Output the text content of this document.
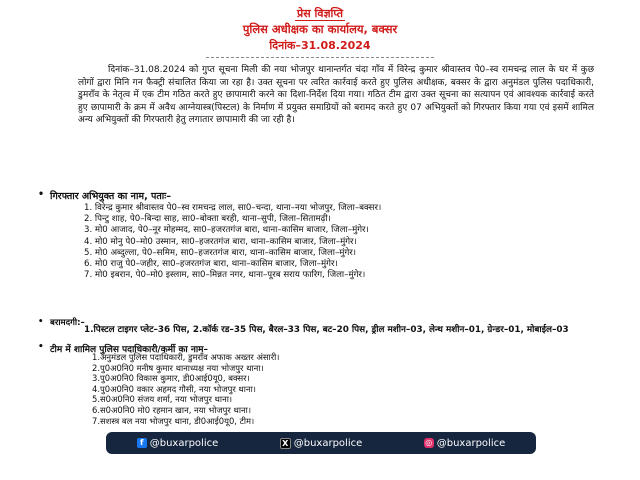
प्रेस विज्ञप्ति
पुलिस अधीक्षक का कार्यालय, बक्सर
दिनांक–31.08.2024
दिनांक–31.08.2024 को गुप्त सूचना मिली की नया भोजपुर थानान्तर्गत चंदा गाँव में विरेन्द्र कुमार श्रीवास्तव पे0–स्व रामचन्द्र लाल के घर में कुछ लोगों द्वारा मिनि गन फैक्ट्री संचालित किया जा रहा है। उक्त सूचना पर त्वरित कार्रवाई करते हुए पुलिस अधीक्षक, बक्सर के द्वारा अनुमंडल पुलिस पदाधिकारी, डुमराँव के नेतृत्व में एक टीम गठित करते हुए छापामारी करने का दिशा-निर्देश दिया गया। गठित टीम द्वारा उक्त सूचना का सत्यापन एवं आवश्यक कार्रवाई करते हुए छापामारी के क्रम में अवैध आग्नेयास्त्र(पिस्टल) के निर्माण में प्रयुक्त समाग्रियों को बरामद करते हुए 07 अभियुक्तों को गिरफ्तार किया गया एवं इसमें शामिल अन्य अभियुक्तों की गिरफ्तारी हेतु लगातार छापामारी की जा रही है।
• गिरफ्तार अभियुक्त का नाम, पताः–
1. विरेन्द्र कुमार श्रीवास्तव पे0–स्व रामचन्द्र लाल, सा0–चन्दा, थाना–नया भोजपुर, जिला–बक्सर।
2. पिन्टु शाह, पे0–बिन्दा साह, सा0–बोक्ता बरही, थाना–सुपी, जिला–सितामढ़ी।
3. मो0 आजाद, पे0–नूर मोहम्मद, सा0–हजरतगंज बारा, थाना–कासिम बाजार, जिला–मुंगेर।
4. मो0 मोनु पे0–मो0 उस्मान, सा0–हजरतगंज बारा, थाना–कासिम बाजार, जिला–मुंगेर।
5. मो0 अब्दुल्ला, पे0–समिम, सा0–हजरतगंज बारा, थाना–कासिम बाजार, जिला–मुंगेर।
6. मो0 राजु पे0–जहीर, सा0–हजरतगंज बारा, थाना–कासिम बाजार, जिला–मुंगेर।
7. मो0 इबरान, पे0–मो0 इस्लाम, सा0–मिन्नत नगर, थाना–पूरब सराय फारिग, जिला–मुंगेर।
• बरामदगी:–
1.पिस्टल टाइगर प्लेट–36 पिस, 2.कॉर्क रड–35 पिस, बैरल–33 पिस, बट–20 पिस, ड्रील मशीन–03, लेन्थ मशीन–01, ग्रेन्डर–01, मोबाईल–03
• टीम में शामिल पुलिस पदाधिकारी/कर्मी का नाम–
1.अनुमंडल पुलिस पदाधिकारी, डुमराँव अफाक अख्तर अंसारी।
2.पु0अ0नि0 मनीष कुमार थानाध्यक्ष नया भोजपुर थाना।
3.पु0अ0नि0 विकास कुमार, डी0आई0यू0, बक्सर।
4.पु0अ0नि0 वकार अहमद गौसी, नया भोजपुर थाना।
5.स0अ0नि0 संजय शर्मा, नया भोजपुर थाना।
6.स0अ0नि0 मो0 रहमान खान, नया भोजपुर थाना।
7.सशस्त्र बल नया भोजपुर थाना, डी0आई0यू0, टीम।
f @buxarpolice	X @buxarpolice	◎ @buxarpolice
